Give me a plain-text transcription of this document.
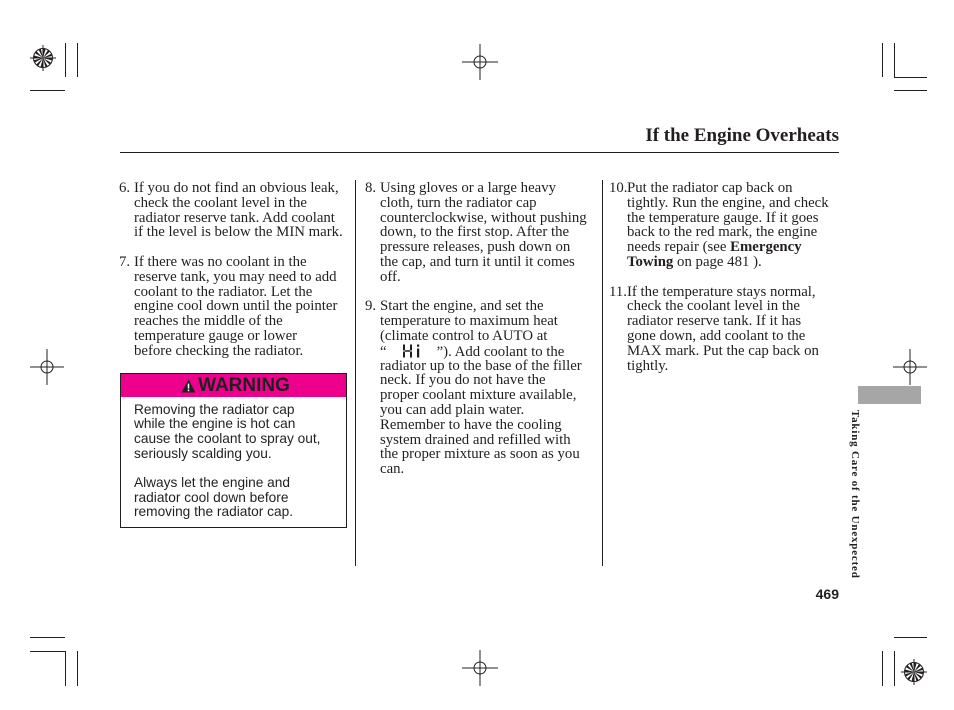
If the Engine Overheats
6. If you do not find an obvious leak,
check the coolant level in the
radiator reserve tank. Add coolant
if the level is below the MIN mark.
7. If there was no coolant in the
reserve tank, you may need to add
coolant to the radiator. Let the
engine cool down until the pointer
reaches the middle of the
temperature gauge or lower
before checking the radiator.
WARNING
Removing the radiator cap
while the engine is hot can
cause the coolant to spray out,
seriously scalding you.
Always let the engine and
radiator cool down before
removing the radiator cap.
8. Using gloves or a large heavy
cloth, turn the radiator cap
counterclockwise, without pushing
down, to the first stop. After the
pressure releases, push down on
the cap, and turn it until it comes
off.
9. Start the engine, and set the
temperature to maximum heat
(climate control to AUTO at
“	”). Add coolant to the
radiator up to the base of the filler
neck. If you do not have the
proper coolant mixture available,
you can add plain water.
Remember to have the cooling
system drained and refilled with
the proper mixture as soon as you
can.
10. Put the radiator cap back on
tightly. Run the engine, and check
the temperature gauge. If it goes
back to the red mark, the engine
needs repair (see Emergency
Towing on page 481 ).
11. If the temperature stays normal,
check the coolant level in the
radiator reserve tank. If it has
gone down, add coolant to the
MAX mark. Put the cap back on
tightly.
Taking Care of the Unexpected
469
